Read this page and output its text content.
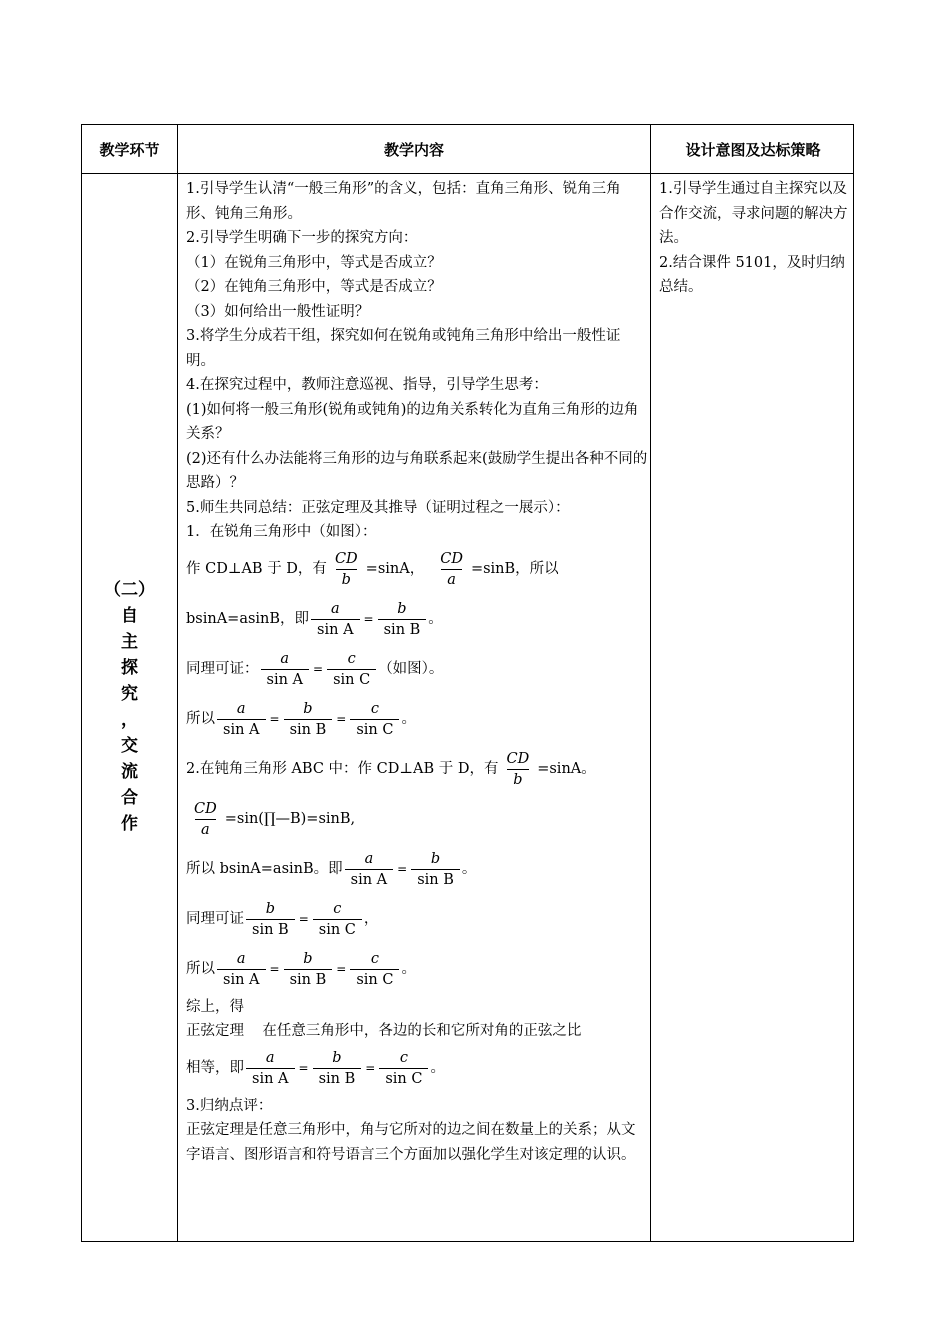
教学环节	教学内容	设计意图及达标策略
（二）
自
主
探
究
，
交
流
合
作

1.引导学生认清“一般三角形”的含义，包括：直角三角形、锐角三角形、钝角三角形。

2.引导学生明确下一步的探究方向：

（1）在锐角三角形中，等式是否成立？

（2）在钝角三角形中，等式是否成立？

（3）如何给出一般性证明？

3.将学生分成若干组，探究如何在锐角或钝角三角形中给出一般性证明。

4.在探究过程中，教师注意巡视、指导，引导学生思考：

(1)如何将一般三角形(锐角或钝角)的边角关系转化为直角三角形的边角关系？

(2)还有什么办法能将三角形的边与角联系起来(鼓励学生提出各种不同的思路）？

5.师生共同总结：正弦定理及其推导（证明过程之一展示）：

1．在锐角三角形中（如图）：

作 CD⊥AB 于 D，有 $\frac{CD}{b} =\sin A$， $\frac{CD}{a} =\sin B$，所以
bsinA=asinB，即 $\frac{a}{\text{sin A}} = \frac{b}{\text{sin B}}$ 。
同理可证： $\frac{a}{\text{sin A}} = \frac{c}{\text{sin C}}$ （如图）。
所以 $\frac{a}{\text{sin A}} = \frac{b}{\text{sin B}} = \frac{c}{\text{sin C}}$ 。
2.在钝角三角形 ABC 中：作 CD⊥AB 于 D，有 $\frac{CD}{b} =\sin A$。
$\frac{CD}{a}$ =sin(∏—B)=sinB,
所以 bsinA=asinB。即 $\frac{a}{\text{sin A}} = \frac{b}{\text{sin B}}$ 。
同理可证 $\frac{b}{\text{sin B}} = \frac{c}{\text{sin C}}$ ，
所以 $\frac{a}{\text{sin A}} = \frac{b}{\text{sin B}} = \frac{c}{\text{sin C}}$ 。

综上，得

正弦定理    在任意三角形中，各边的长和它所对角的正弦之比

相等，即 $\frac{a}{\text{sin A}} = \frac{b}{\text{sin B}} = \frac{c}{\text{sin C}}$ 。

3.归纳点评：

正弦定理是任意三角形中，角与它所对的边之间在数量上的关系；从文字语言、图形语言和符号语言三个方面加以强化学生对该定理的认识。

1.引导学生通过自主探究以及合作交流，寻求问题的解决方法。

2.结合课件 5101，及时归纳总结。
